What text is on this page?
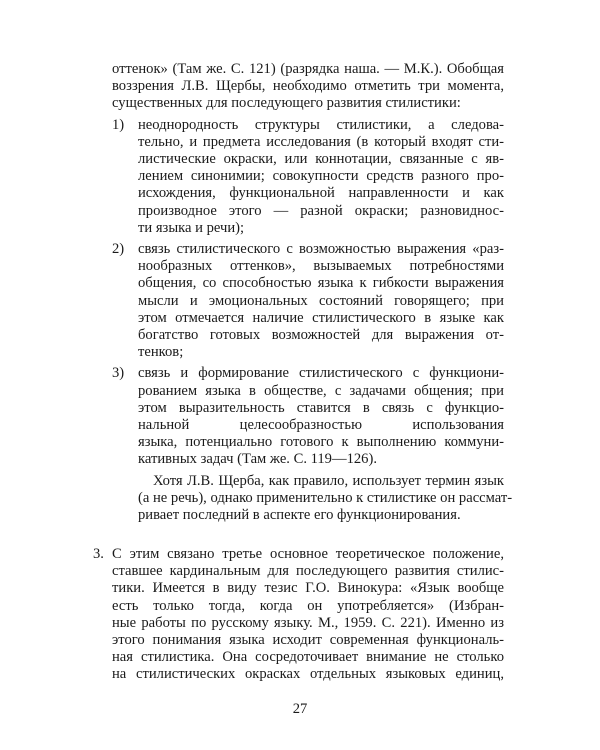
оттенок» (Там же. С. 121) (разрядка наша. — М.К.). Обобщая
воззрения Л.В. Щербы, необходимо отметить три момента,
существенных для последующего развития стилистики:
1) неоднородность структуры стилистики, а следова-
тельно, и предмета исследования (в который входят сти-
листические окраски, или коннотации, связанные с яв-
лением синонимии; совокупности средств разного про-
исхождения, функциональной направленности и как
производное этого — разной окраски; разновиднос-
ти языка и речи);
2) связь стилистического с возможностью выражения «раз-
нообразных оттенков», вызываемых потребностями
общения, со способностью языка к гибкости выражения
мысли и эмоциональных состояний говорящего; при
этом отмечается наличие стилистического в языке как
богатство готовых возможностей для выражения от-
тенков;
3) связь и формирование стилистического с функциони-
рованием языка в обществе, с задачами общения; при
этом выразительность ставится в связь с функцио-
нальной целесообразностью использования
языка, потенциально готового к выполнению коммуни-
кативных задач (Там же. С. 119—126).
Хотя Л.В. Щерба, как правило, использует термин язык
(а не речь), однако применительно к стилистике он рассмат-
ривает последний в аспекте его функционирования.
3. С этим связано третье основное теоретическое положение,
ставшее кардинальным для последующего развития стилис-
тики. Имеется в виду тезис Г.О. Винокура: «Язык вообще
есть только тогда, когда он употребляется» (Избран-
ные работы по русскому языку. М., 1959. С. 221). Именно из
этого понимания языка исходит современная функциональ-
ная стилистика. Она сосредоточивает внимание не столько
на стилистических окрасках отдельных языковых единиц,
27
